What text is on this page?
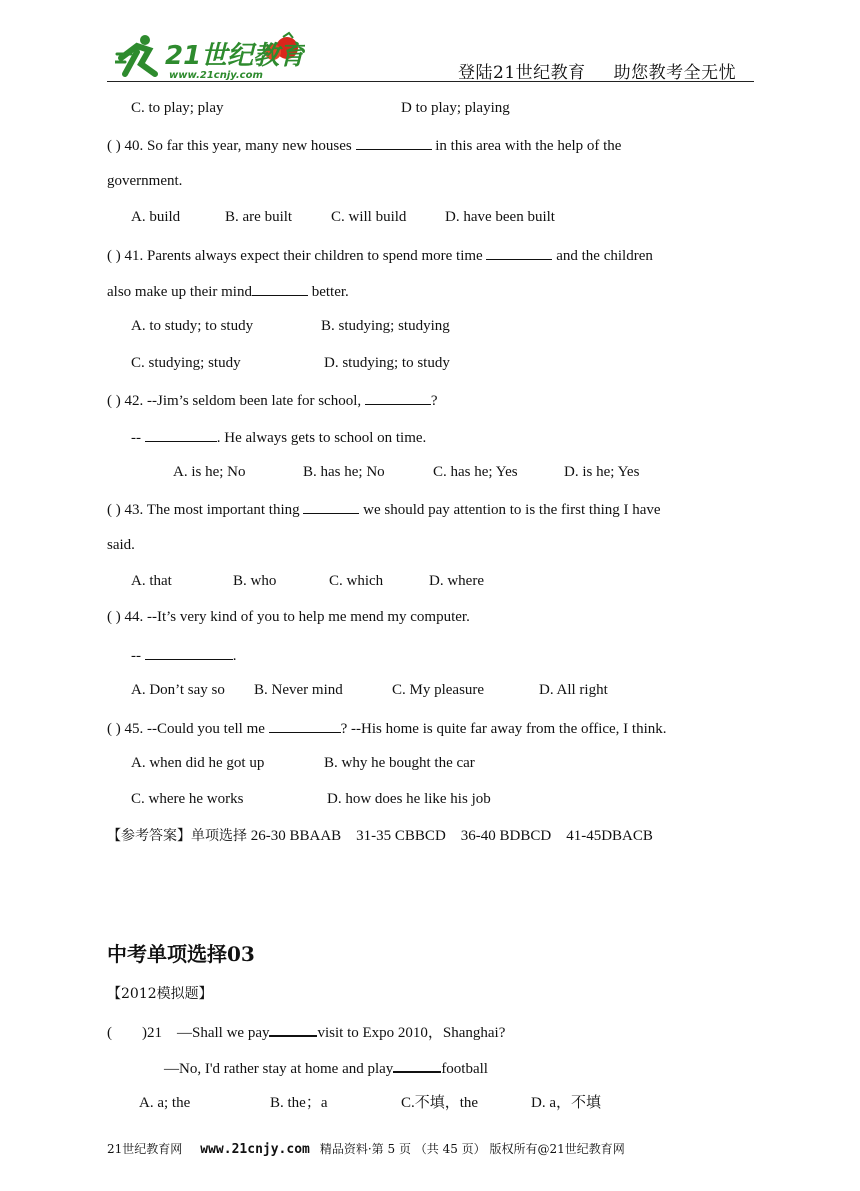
21世纪教育
www.21cnjy.com	登陆21世纪教育 助您教考全无忧
C. to play; play	D to play; playing
( ) 40. So far this year, many new houses	in this area with the help of the
government.
A. build	B. are built	C. will build	D. have been built
( ) 41. Parents always expect their children to spend more time	and the children
also make up their mind	better.
A. to study; to study	B. studying; studying
C. studying; study	D. studying; to study
( ) 42. --Jim’s seldom been late for school,	?
--	. He always gets to school on time.
A. is he; No	B. has he; No	C. has he; Yes	D. is he; Yes
( ) 43. The most important thing	we should pay attention to is the first thing I have
said.
A. that	B. who	C. which	D. where
( ) 44. --It’s very kind of you to help me mend my computer.
--	.
A. Don’t say so B. Never mind	C. My pleasure	D. All right
( ) 45. --Could you tell me	? --His home is quite far away from the office, I think.
A. when did he got up	B. why he bought the car
C. where he works	D. how does he like his job
【参考答案】单项选择 26-30 BBAAB    31-35 CBBCD    36-40 BDBCD    41-45DBACB
中考单项选择03
【2012模拟题】
(        )21    —Shall we pay	visit to Expo 2010，Shanghai?
—No, I'd rather stay at home and play	football
A. a; the	B. the；a	C.不填，the	D. a，不填
21世纪教育网 www.21cnjy.com 精品资料·第 5 页 （共 45 页） 版权所有@21世纪教育网
